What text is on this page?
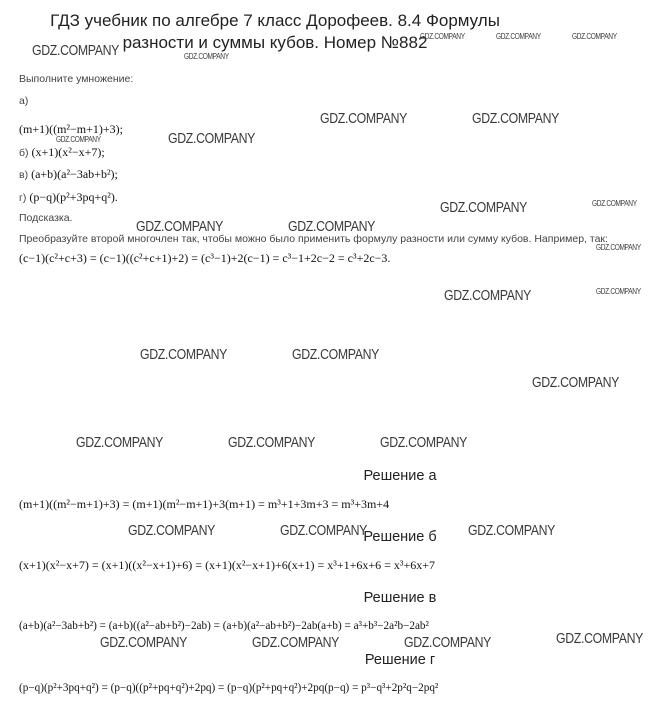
ГДЗ учебник по алгебре 7 класс Дорофеев. 8.4 Формулы разности и суммы кубов. Номер №882
Выполните умножение:
а)
(m+1)((m²−m+1)+3);
б) (x+1)(x²−x+7);
в) (a+b)(a²−3ab+b²);
г) (p−q)(p²+3pq+q²).
Подсказка.
Преобразуйте второй многочлен так, чтобы можно было применить формулу разности или сумму кубов. Например, так:
(c−1)(c²+c+3) = (c−1)((c²+c+1)+2) = (c³−1)+2(c−1) = c³−1+2c−2 = c³+2c−3.
Решение а
(m+1)((m²−m+1)+3) = (m+1)(m²−m+1)+3(m+1) = m³+1+3m+3 = m³+3m+4
Решение б
(x+1)(x²−x+7) = (x+1)((x²−x+1)+6) = (x+1)(x²−x+1)+6(x+1) = x³+1+6x+6 = x³+6x+7
Решение в
(a+b)(a²−3ab+b²) = (a+b)((a²−ab+b²)−2ab) = (a+b)(a²−ab+b²)−2ab(a+b) = a³+b³−2a²b−2ab²
Решение г
(p−q)(p²+3pq+q²) = (p−q)((p²+pq+q²)+2pq) = (p−q)(p²+pq+q²)+2pq(p−q) = p³−q³+2p²q−2pq²
GDZ.COMPANY
GDZ.COMPANY	GDZ.COMPANY	GDZ.COMPANY
GDZ.COMPANY
GDZ.COMPANY	GDZ.COMPANY
GDZ.COMPANY
GDZ.COMPANY
GDZ.COMPANY	GDZ.COMPANY
GDZ.COMPANY	GDZ.COMPANY
GDZ.COMPANY
GDZ.COMPANY	GDZ.COMPANY
GDZ.COMPANY	GDZ.COMPANY
GDZ.COMPANY
GDZ.COMPANY	GDZ.COMPANY	GDZ.COMPANY
GDZ.COMPANY	GDZ.COMPANY	GDZ.COMPANY
GDZ.COMPANY	GDZ.COMPANY	GDZ.COMPANY	GDZ.COMPANY
